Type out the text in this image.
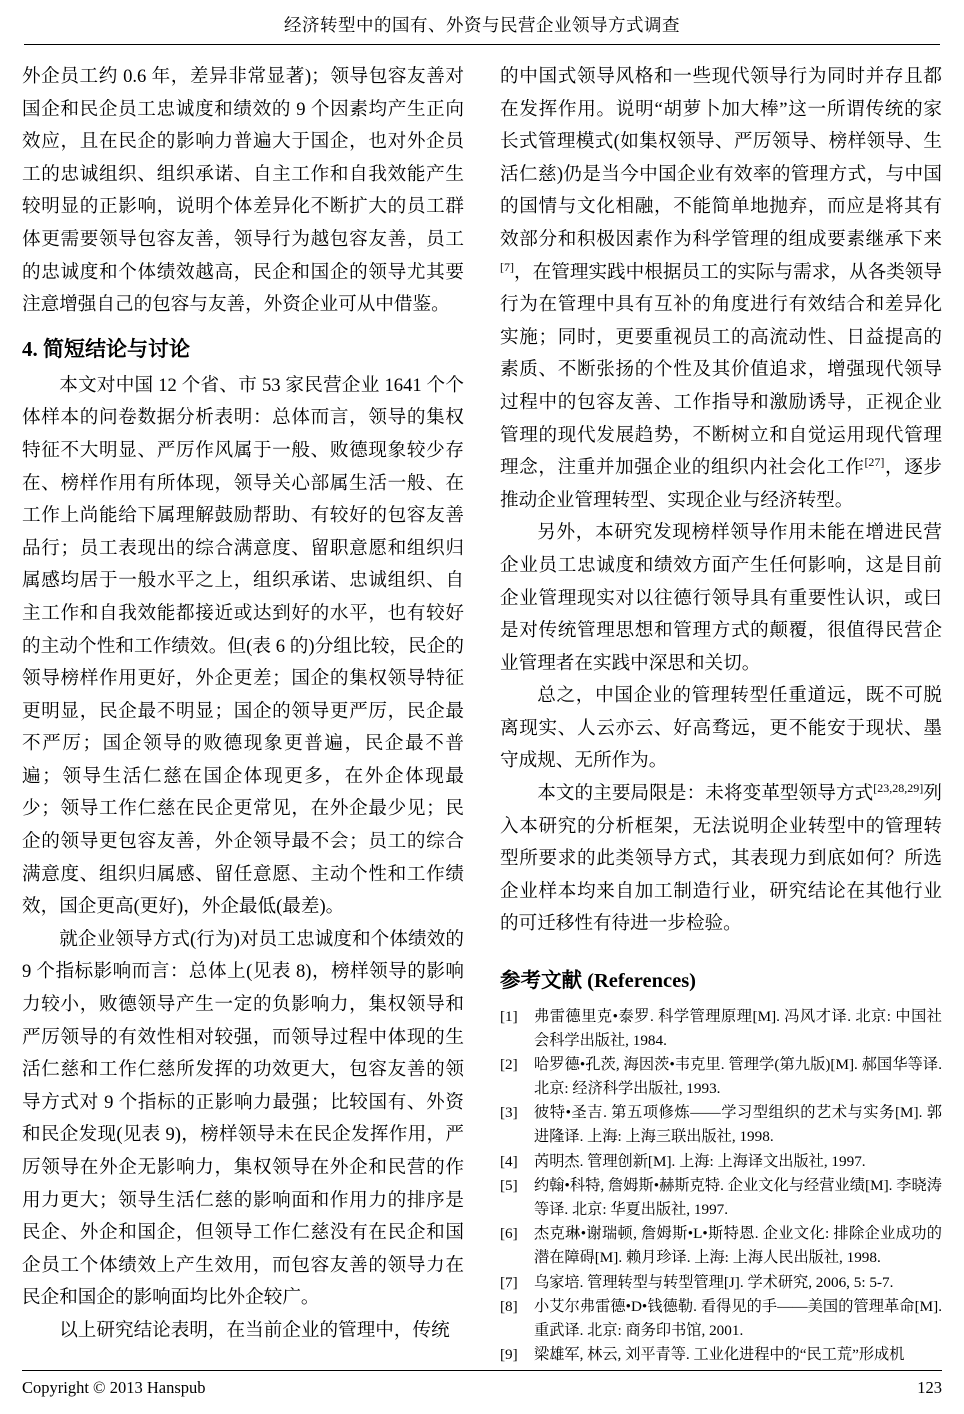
经济转型中的国有、外资与民营企业领导方式调查

外企员工约 0.6 年，差异非常显著)；领导包容友善对国企和民企员工忠诚度和绩效的 9 个因素均产生正向效应，且在民企的影响力普遍大于国企，也对外企员工的忠诚组织、组织承诺、自主工作和自我效能产生较明显的正影响，说明个体差异化不断扩大的员工群体更需要领导包容友善，领导行为越包容友善，员工的忠诚度和个体绩效越高，民企和国企的领导尤其要注意增强自己的包容与友善，外资企业可从中借鉴。

4. 简短结论与讨论

本文对中国 12 个省、市 53 家民营企业 1641 个个体样本的问卷数据分析表明：总体而言，领导的集权特征不大明显、严厉作风属于一般、败德现象较少存在、榜样作用有所体现，领导关心部属生活一般、在工作上尚能给下属理解鼓励帮助、有较好的包容友善品行；员工表现出的综合满意度、留职意愿和组织归属感均居于一般水平之上，组织承诺、忠诚组织、自主工作和自我效能都接近或达到好的水平，也有较好的主动个性和工作绩效。但(表 6 的)分组比较，民企的领导榜样作用更好，外企更差；国企的集权领导特征更明显，民企最不明显；国企的领导更严厉，民企最不严厉；国企领导的败德现象更普遍，民企最不普遍；领导生活仁慈在国企体现更多，在外企体现最少；领导工作仁慈在民企更常见，在外企最少见；民企的领导更包容友善，外企领导最不会；员工的综合满意度、组织归属感、留任意愿、主动个性和工作绩效，国企更高(更好)，外企最低(最差)。

就企业领导方式(行为)对员工忠诚度和个体绩效的 9 个指标影响而言：总体上(见表 8)，榜样领导的影响力较小，败德领导产生一定的负影响力，集权领导和严厉领导的有效性相对较强，而领导过程中体现的生活仁慈和工作仁慈所发挥的功效更大，包容友善的领导方式对 9 个指标的正影响力最强；比较国有、外资和民企发现(见表 9)，榜样领导未在民企发挥作用，严厉领导在外企无影响力，集权领导在外企和民营的作用力更大；领导生活仁慈的影响面和作用力的排序是民企、外企和国企，但领导工作仁慈没有在民企和国企员工个体绩效上产生效用，而包容友善的领导力在民企和国企的影响面均比外企较广。

以上研究结论表明，在当前企业的管理中，传统

的中国式领导风格和一些现代领导行为同时并存且都在发挥作用。说明“胡萝卜加大棒”这一所谓传统的家长式管理模式(如集权领导、严厉领导、榜样领导、生活仁慈)仍是当今中国企业有效率的管理方式，与中国的国情与文化相融，不能简单地抛弃，而应是将其有效部分和积极因素作为科学管理的组成要素继承下来[7]，在管理实践中根据员工的实际与需求，从各类领导行为在管理中具有互补的角度进行有效结合和差异化实施；同时，更要重视员工的高流动性、日益提高的素质、不断张扬的个性及其价值追求，增强现代领导过程中的包容友善、工作指导和激励诱导，正视企业管理的现代发展趋势，不断树立和自觉运用现代管理理念，注重并加强企业的组织内社会化工作[27]，逐步推动企业管理转型、实现企业与经济转型。

另外，本研究发现榜样领导作用未能在增进民营企业员工忠诚度和绩效方面产生任何影响，这是目前企业管理现实对以往德行领导具有重要性认识，或曰是对传统管理思想和管理方式的颠覆，很值得民营企业管理者在实践中深思和关切。

总之，中国企业的管理转型任重道远，既不可脱离现实、人云亦云、好高骛远，更不能安于现状、墨守成规、无所作为。

本文的主要局限是：未将变革型领导方式[23,28,29]列入本研究的分析框架，无法说明企业转型中的管理转型所要求的此类领导方式，其表现力到底如何？所选企业样本均来自加工制造行业，研究结论在其他行业的可迁移性有待进一步检验。

参考文献 (References)
[1]	弗雷德里克•泰罗. 科学管理原理[M]. 冯风才译. 北京: 中国社会科学出版社, 1984.
[2]	哈罗德•孔茨, 海因茨•韦克里. 管理学(第九版)[M]. 郝国华等译. 北京: 经济科学出版社, 1993.
[3]	彼特•圣吉. 第五项修炼——学习型组织的艺术与实务[M]. 郭进隆译. 上海: 上海三联出版社, 1998.
[4]	芮明杰. 管理创新[M]. 上海: 上海译文出版社, 1997.
[5]	约翰•科特, 詹姆斯•赫斯克特. 企业文化与经营业绩[M]. 李晓涛等译. 北京: 华夏出版社, 1997.
[6]	杰克琳•谢瑞顿, 詹姆斯•L•斯特恩. 企业文化: 排除企业成功的潜在障碍[M]. 赖月珍译. 上海: 上海人民出版社, 1998.
[7]	乌家培. 管理转型与转型管理[J]. 学术研究, 2006, 5: 5-7.
[8]	小艾尔弗雷德•D•钱德勒. 看得见的手——美国的管理革命[M]. 重武译. 北京: 商务印书馆, 2001.
[9]	梁雄军, 林云, 刘平青等. 工业化进程中的“民工荒”形成机
Copyright © 2013 Hanspub	123
